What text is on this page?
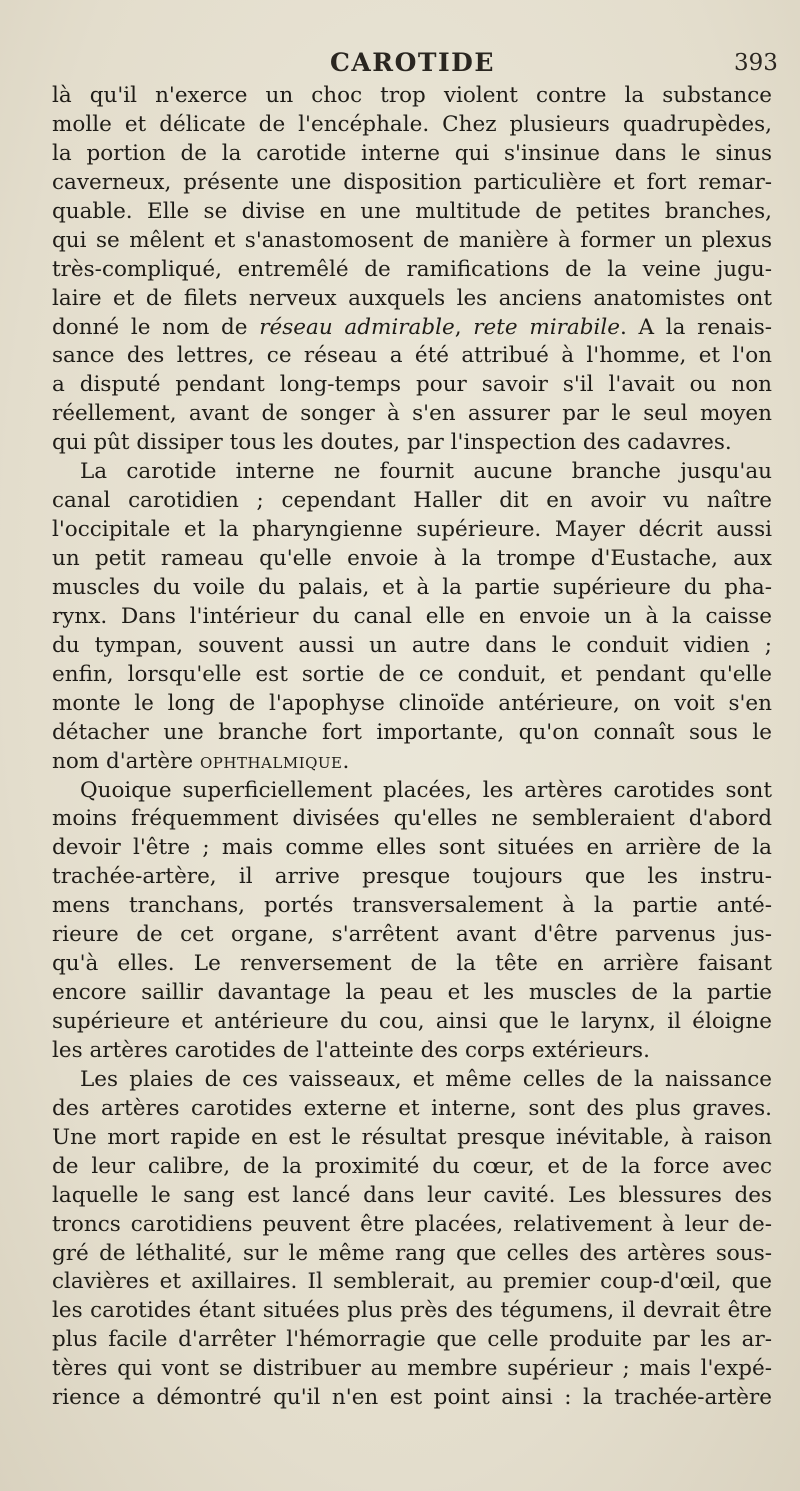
CAROTIDE	393
là qu'il n'exerce un choc trop violent contre la substance
molle et délicate de l'encéphale. Chez plusieurs quadrupèdes,
la portion de la carotide interne qui s'insinue dans le sinus
caverneux, présente une disposition particulière et fort remar-
quable. Elle se divise en une multitude de petites branches,
qui se mêlent et s'anastomosent de manière à former un plexus
très-compliqué, entremêlé de ramifications de la veine jugu-
laire et de filets nerveux auxquels les anciens anatomistes ont
donné le nom de réseau admirable, rete mirabile. A la renais-
sance des lettres, ce réseau a été attribué à l'homme, et l'on
a disputé pendant long-temps pour savoir s'il l'avait ou non
réellement, avant de songer à s'en assurer par le seul moyen
qui pût dissiper tous les doutes, par l'inspection des cadavres.
La carotide interne ne fournit aucune branche jusqu'au
canal carotidien ; cependant Haller dit en avoir vu naître
l'occipitale et la pharyngienne supérieure. Mayer décrit aussi
un petit rameau qu'elle envoie à la trompe d'Eustache, aux
muscles du voile du palais, et à la partie supérieure du pha-
rynx. Dans l'intérieur du canal elle en envoie un à la caisse
du tympan, souvent aussi un autre dans le conduit vidien ;
enfin, lorsqu'elle est sortie de ce conduit, et pendant qu'elle
monte le long de l'apophyse clinoïde antérieure, on voit s'en
détacher une branche fort importante, qu'on connaît sous le
nom d'artère ophthalmique.
Quoique superficiellement placées, les artères carotides sont
moins fréquemment divisées qu'elles ne sembleraient d'abord
devoir l'être ; mais comme elles sont situées en arrière de la
trachée-artère, il arrive presque toujours que les instru-
mens tranchans, portés transversalement à la partie anté-
rieure de cet organe, s'arrêtent avant d'être parvenus jus-
qu'à elles. Le renversement de la tête en arrière faisant
encore saillir davantage la peau et les muscles de la partie
supérieure et antérieure du cou, ainsi que le larynx, il éloigne
les artères carotides de l'atteinte des corps extérieurs.
Les plaies de ces vaisseaux, et même celles de la naissance
des artères carotides externe et interne, sont des plus graves.
Une mort rapide en est le résultat presque inévitable, à raison
de leur calibre, de la proximité du cœur, et de la force avec
laquelle le sang est lancé dans leur cavité. Les blessures des
troncs carotidiens peuvent être placées, relativement à leur de-
gré de léthalité, sur le même rang que celles des artères sous-
clavières et axillaires. Il semblerait, au premier coup-d'œil, que
les carotides étant situées plus près des tégumens, il devrait être
plus facile d'arrêter l'hémorragie que celle produite par les ar-
tères qui vont se distribuer au membre supérieur ; mais l'expé-
rience a démontré qu'il n'en est point ainsi : la trachée-artère
